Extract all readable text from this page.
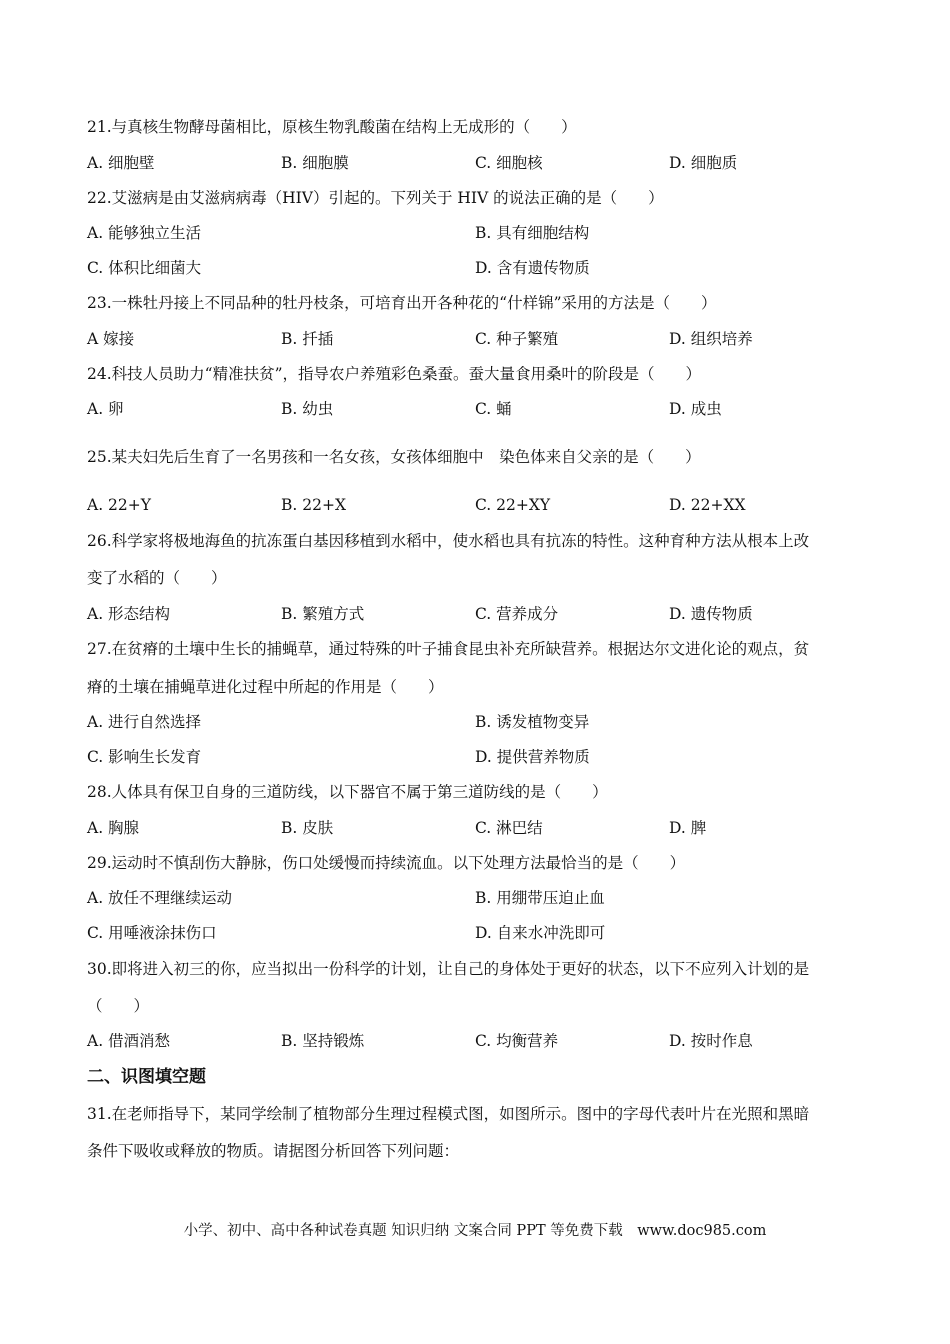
21.与真核生物酵母菌相比，原核生物乳酸菌在结构上无成形的（　　）
A. 细胞壁	B. 细胞膜	C. 细胞核	D. 细胞质
22.艾滋病是由艾滋病病毒（HIV）引起的。下列关于 HIV 的说法正确的是（　　）
A. 能够独立生活	B. 具有细胞结构
C. 体积比细菌大	D. 含有遗传物质
23.一株牡丹接上不同品种的牡丹枝条，可培育出开各种花的“什样锦”采用的方法是（　　）
A 嫁接	B. 扦插	C. 种子繁殖	D. 组织培养
24.科技人员助力“精准扶贫”，指导农户养殖彩色桑蚕。蚕大量食用桑叶的阶段是（　　）
A. 卵	B. 幼虫	C. 蛹	D. 成虫
25.某夫妇先后生育了一名男孩和一名女孩，女孩体细胞中　染色体来自父亲的是（　　）
A. 22+Y	B. 22+X	C. 22+XY	D. 22+XX
26.科学家将极地海鱼的抗冻蛋白基因移植到水稻中，使水稻也具有抗冻的特性。这种育种方法从根本上改
变了水稻的（　　）
A. 形态结构	B. 繁殖方式	C. 营养成分	D. 遗传物质
27.在贫瘠的土壤中生长的捕蝇草，通过特殊的叶子捕食昆虫补充所缺营养。根据达尔文进化论的观点，贫
瘠的土壤在捕蝇草进化过程中所起的作用是（　　）
A. 进行自然选择	B. 诱发植物变异
C. 影响生长发育	D. 提供营养物质
28.人体具有保卫自身的三道防线，以下器官不属于第三道防线的是（　　）
A. 胸腺	B. 皮肤	C. 淋巴结	D. 脾
29.运动时不慎刮伤大静脉，伤口处缓慢而持续流血。以下处理方法最恰当的是（　　）
A. 放任不理继续运动	B. 用绷带压迫止血
C. 用唾液涂抹伤口	D. 自来水冲洗即可
30.即将进入初三的你，应当拟出一份科学的计划，让自己的身体处于更好的状态，以下不应列入计划的是
（　　）
A. 借酒消愁	B. 坚持锻炼	C. 均衡营养	D. 按时作息
二、识图填空题
31.在老师指导下，某同学绘制了植物部分生理过程模式图，如图所示。图中的字母代表叶片在光照和黑暗
条件下吸收或释放的物质。请据图分析回答下列问题：
小学、初中、高中各种试卷真题 知识归纳 文案合同 PPT 等免费下载　www.doc985.com
